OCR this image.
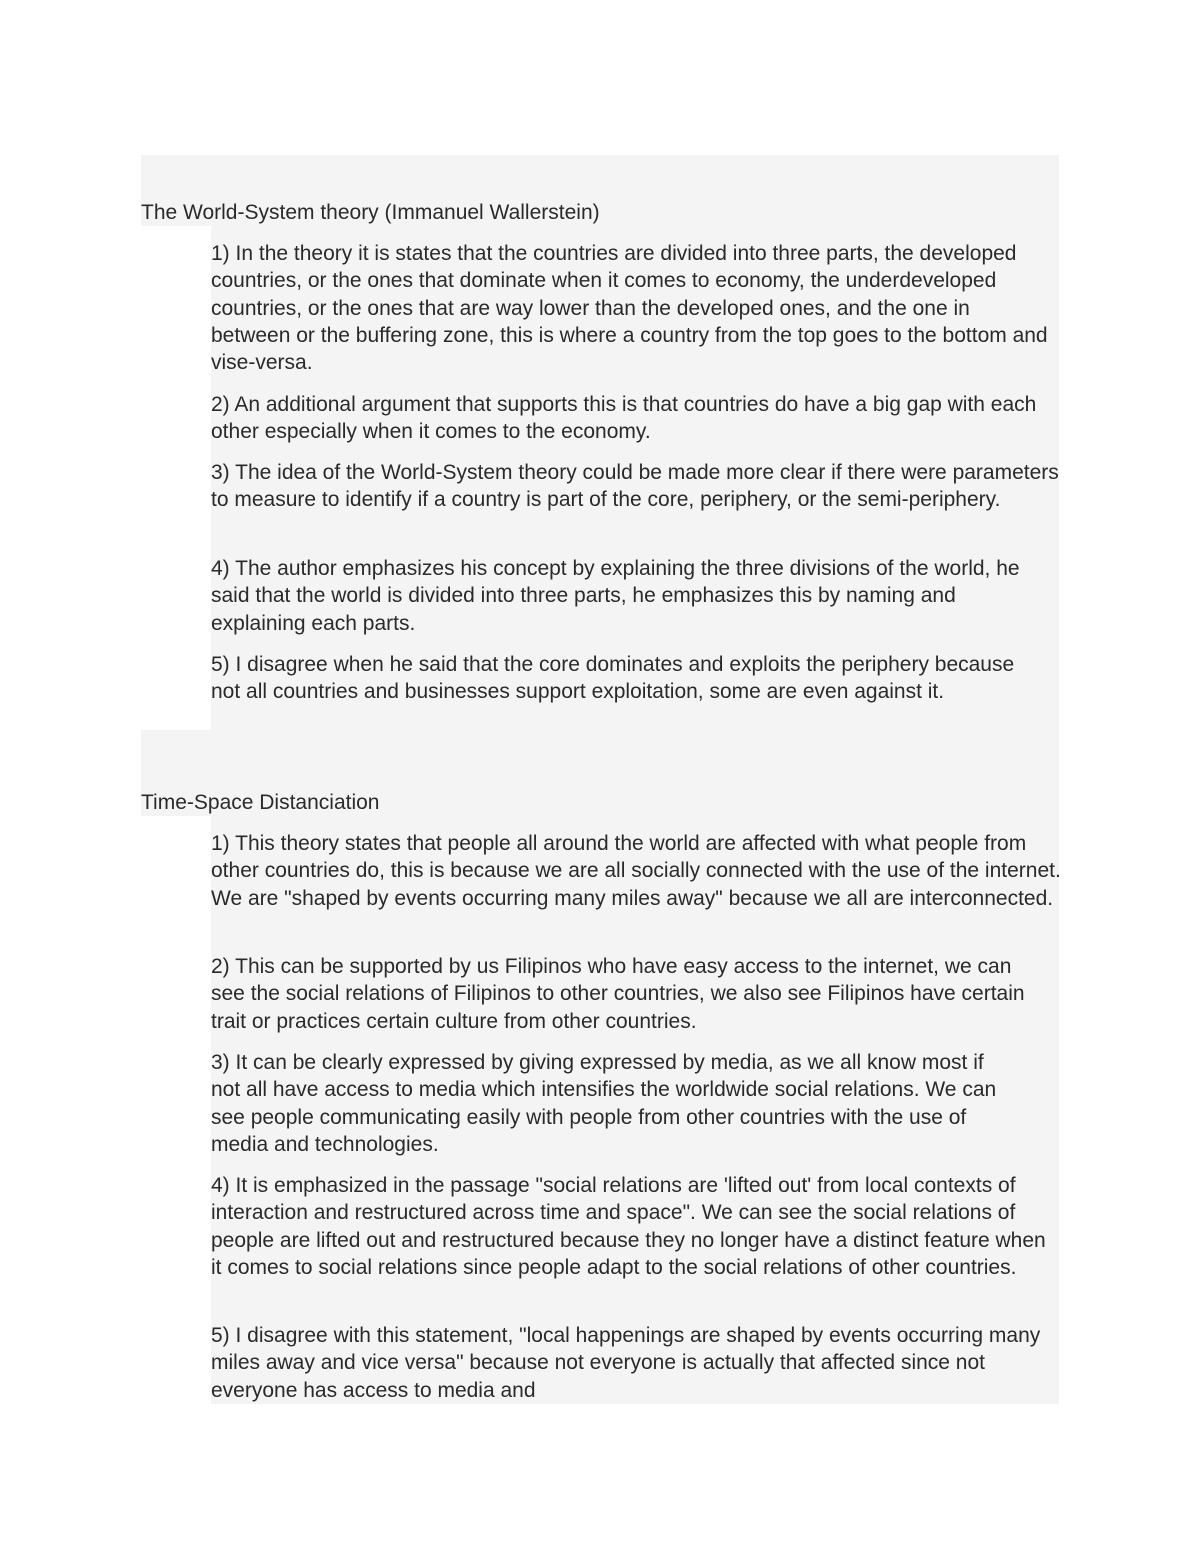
The World-System theory (Immanuel Wallerstein)

1) In the theory it is states that the countries are divided into three parts, the developed countries, or the ones that dominate when it comes to economy, the underdeveloped countries, or the ones that are way lower than the developed ones, and the one in between or the buffering zone, this is where a country from the top goes to the bottom and vise-versa.

2) An additional argument that supports this is that countries do have a big gap with each other especially when it comes to the economy.

3) The idea of the World-System theory could be made more clear if there were parameters to measure to identify if a country is part of the core, periphery, or the semi-periphery.

4) The author emphasizes his concept by explaining the three divisions of the world, he said that the world is divided into three parts, he emphasizes this by naming and explaining each parts.

5) I disagree when he said that the core dominates and exploits the periphery because not all countries and businesses support exploitation, some are even against it.

Time-Space Distanciation

1) This theory states that people all around the world are affected with what people from other countries do, this is because we are all socially connected with the use of the internet. We are "shaped by events occurring many miles away" because we all are interconnected.

2) This can be supported by us Filipinos who have easy access to the internet, we can see the social relations of Filipinos to other countries, we also see Filipinos have certain trait or practices certain culture from other countries.

3) It can be clearly expressed by giving expressed by media, as we all know most if not all have access to media which intensifies the worldwide social relations. We can see people communicating easily with people from other countries with the use of media and technologies.

4) It is emphasized in the passage "social relations are 'lifted out' from local contexts of interaction and restructured across time and space". We can see the social relations of people are lifted out and restructured because they no longer have a distinct feature when it comes to social relations since people adapt to the social relations of other countries.

5) I disagree with this statement, "local happenings are shaped by events occurring many miles away and vice versa" because not everyone is actually that affected since not everyone has access to media and
